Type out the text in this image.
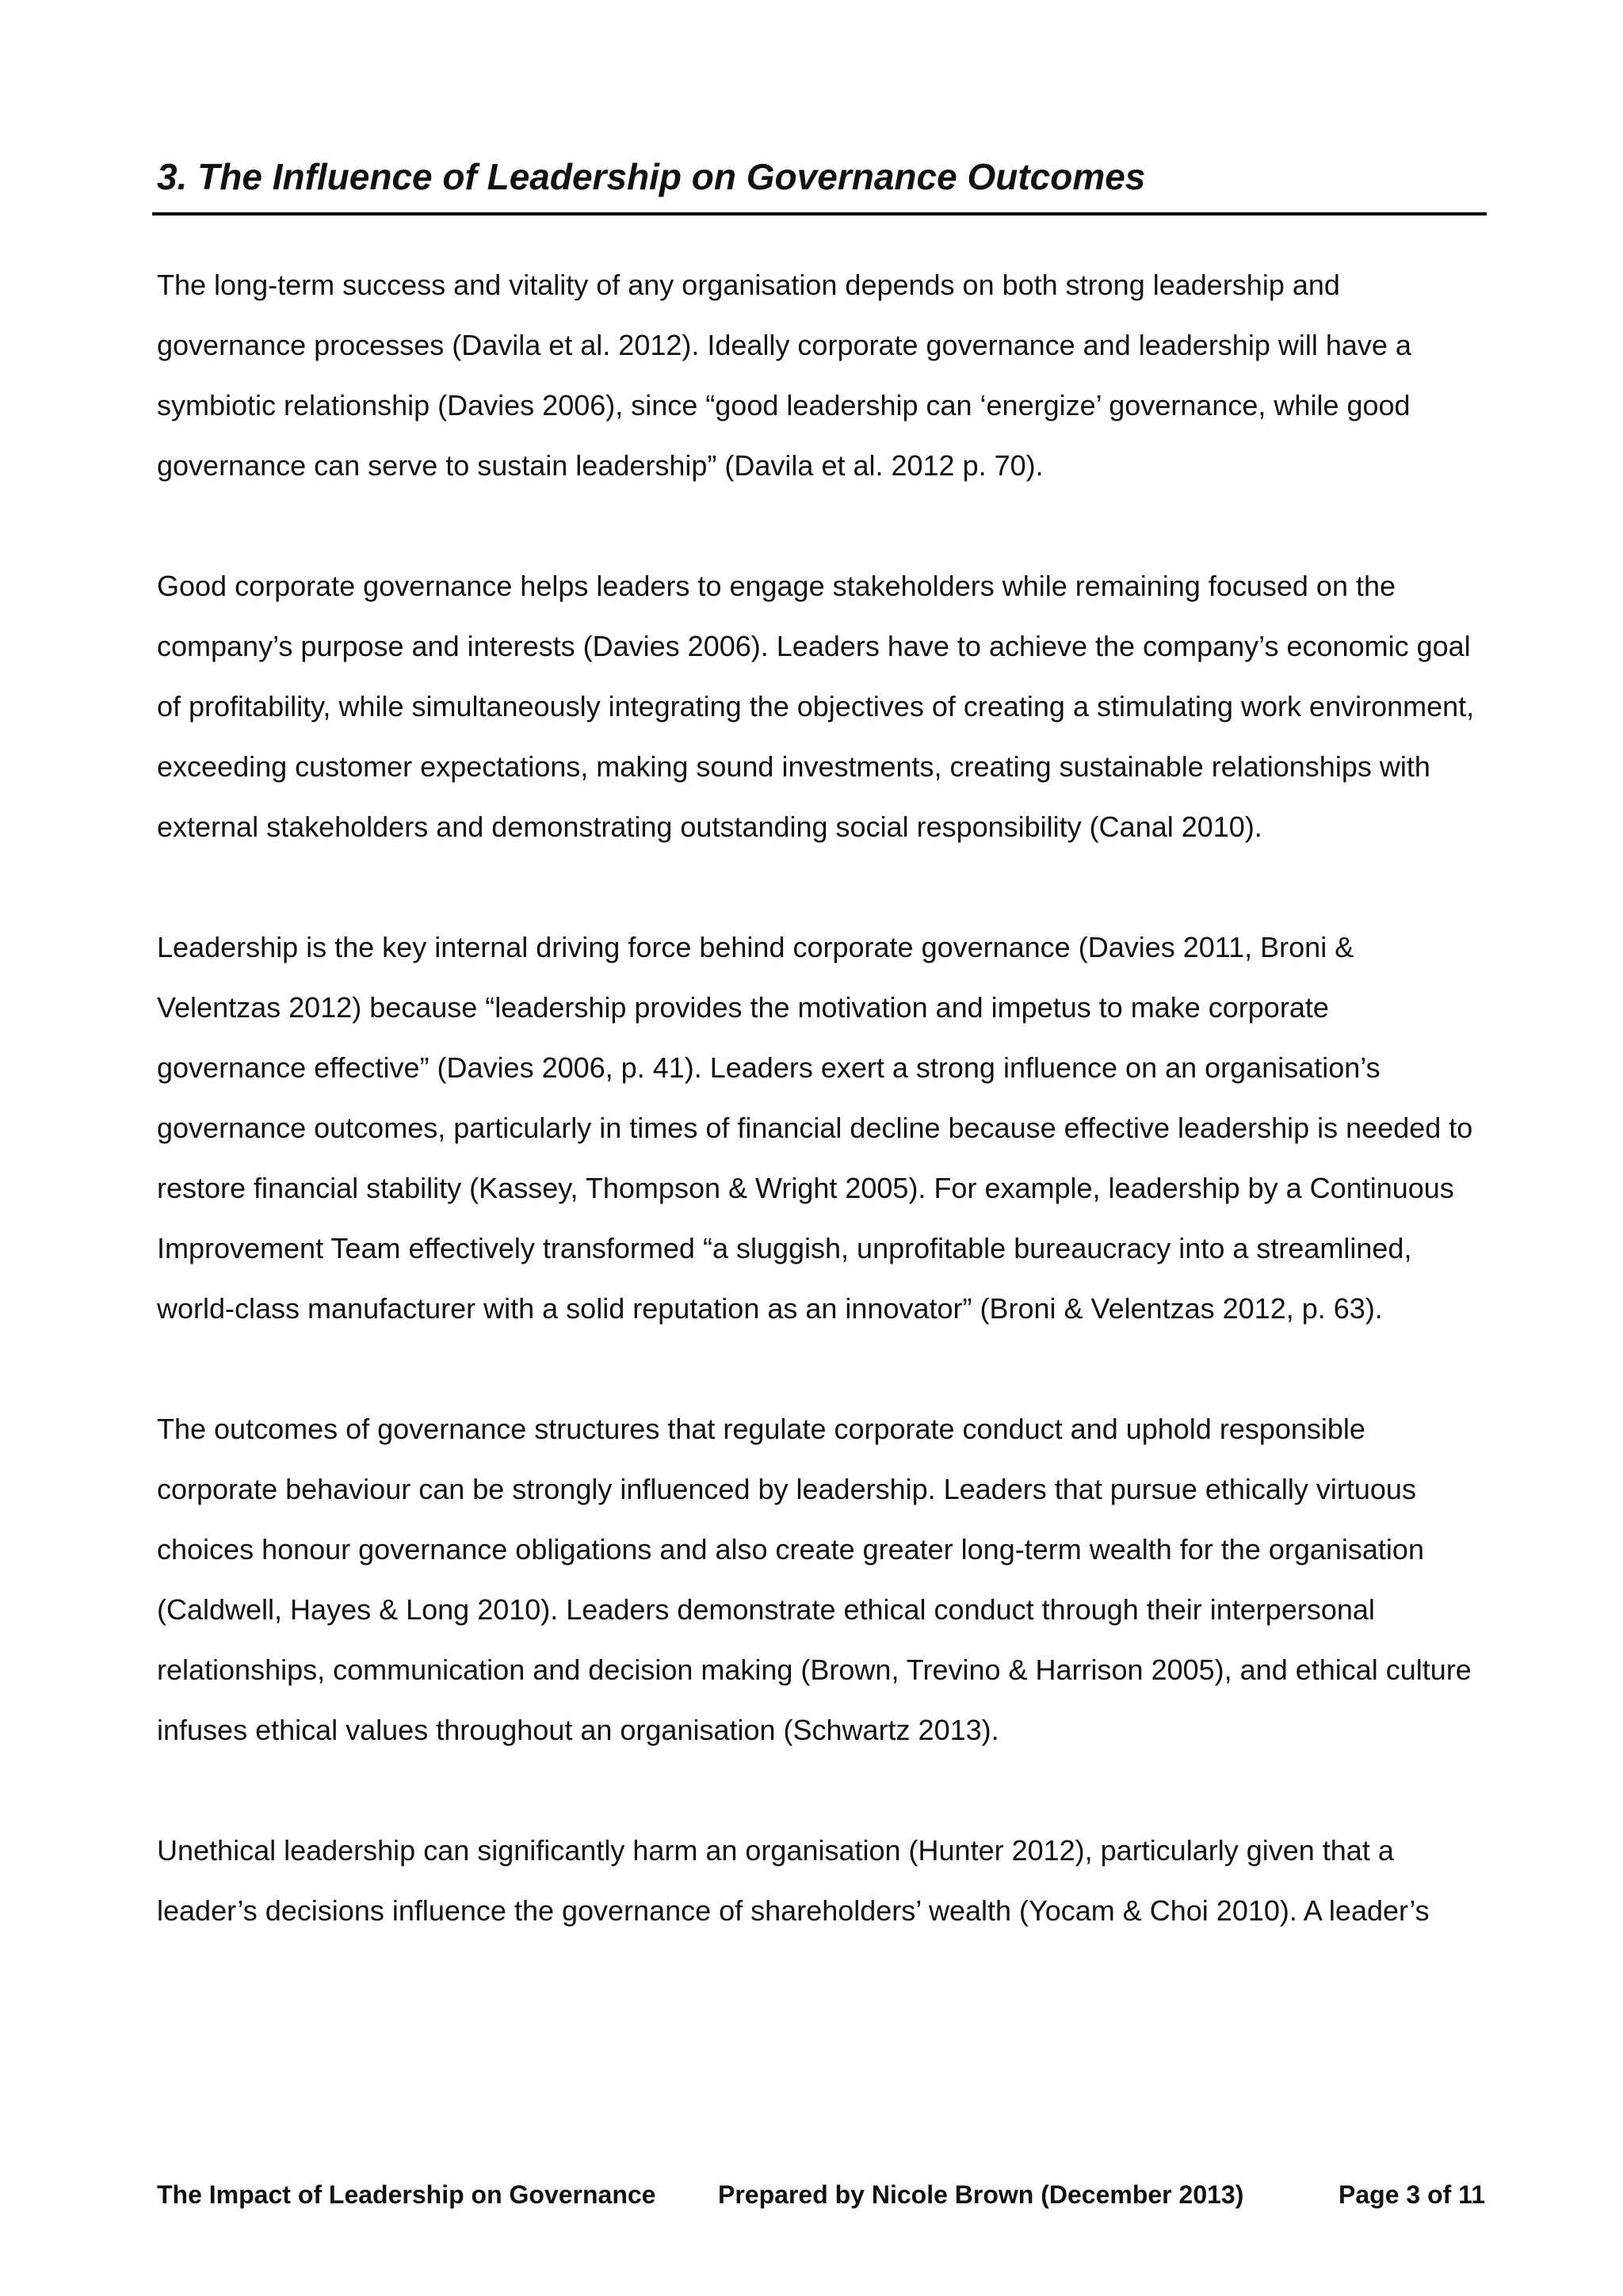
3. The Influence of Leadership on Governance Outcomes

The long-term success and vitality of any organisation depends on both strong leadership and governance processes (Davila et al. 2012). Ideally corporate governance and leadership will have a symbiotic relationship (Davies 2006), since “good leadership can ‘energize’ governance, while good governance can serve to sustain leadership” (Davila et al. 2012 p. 70).

Good corporate governance helps leaders to engage stakeholders while remaining focused on the company’s purpose and interests (Davies 2006). Leaders have to achieve the company’s economic goal of profitability, while simultaneously integrating the objectives of creating a stimulating work environment, exceeding customer expectations, making sound investments, creating sustainable relationships with external stakeholders and demonstrating outstanding social responsibility (Canal 2010).

Leadership is the key internal driving force behind corporate governance (Davies 2011, Broni & Velentzas 2012) because “leadership provides the motivation and impetus to make corporate governance effective” (Davies 2006, p. 41). Leaders exert a strong influence on an organisation’s governance outcomes, particularly in times of financial decline because effective leadership is needed to restore financial stability (Kassey, Thompson & Wright 2005). For example, leadership by a Continuous Improvement Team effectively transformed “a sluggish, unprofitable bureaucracy into a streamlined, world-class manufacturer with a solid reputation as an innovator” (Broni & Velentzas 2012, p. 63).

The outcomes of governance structures that regulate corporate conduct and uphold responsible corporate behaviour can be strongly influenced by leadership. Leaders that pursue ethically virtuous choices honour governance obligations and also create greater long-term wealth for the organisation (Caldwell, Hayes & Long 2010). Leaders demonstrate ethical conduct through their interpersonal relationships, communication and decision making (Brown, Trevino & Harrison 2005), and ethical culture infuses ethical values throughout an organisation (Schwartz 2013).

Unethical leadership can significantly harm an organisation (Hunter 2012), particularly given that a leader’s decisions influence the governance of shareholders’ wealth (Yocam & Choi 2010). A leader’s

The Impact of Leadership on Governance Prepared by Nicole Brown (December 2013)	Page 3 of 11
